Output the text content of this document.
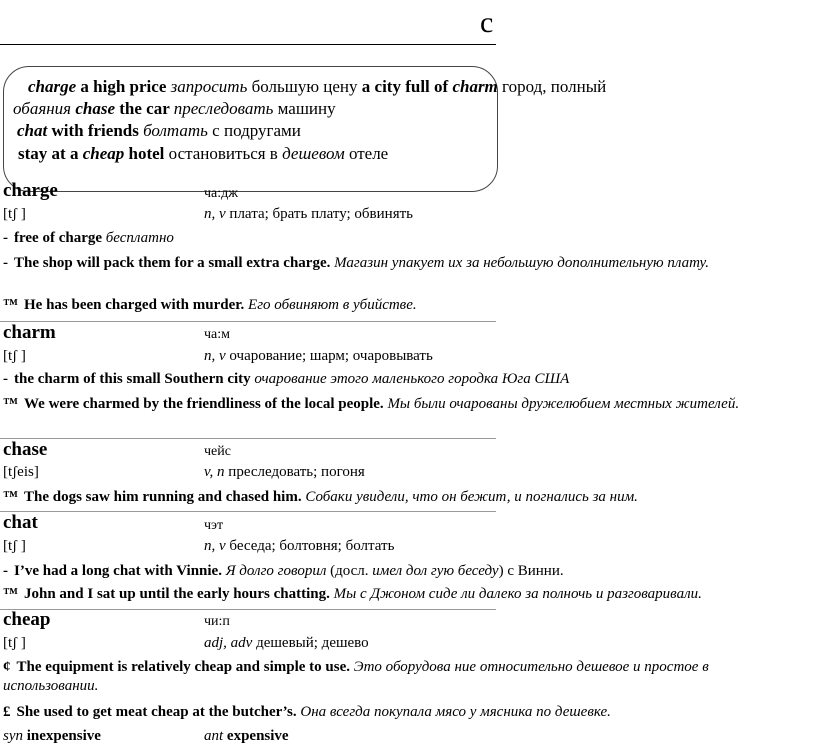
c
charge a high price запросить большую цену a city full of charm город, полный
обаяния chase the car преследовать машину
chat with friends болтать с подругами
stay at a cheap hotel остановиться в дешевом отеле
charge	ча:дж
[tʃ ]	n, v плата; брать плату; обвинять
‑ free of charge бесплатно
‑ The shop will pack them for a small extra charge. Магазин упакует их за небольшую дополнительную плату.
™ He has been charged with murder. Его обвиняют в убийстве.
charm	ча:м
[tʃ ]	n, v очарование; шарм; очаровывать
‑ the charm of this small Southern city очарование этого маленького городка Юга США
™ We were charmed by the friendliness of the local people. Мы были очарованы дружелюбием местных жителей.
chase	чейс
[tʃeis]	v, n преследовать; погоня
™ The dogs saw him running and chased him. Собаки увидели, что он бежит, и погнались за ним.
chat	чэт
[tʃ ]	n, v беседа; болтовня; болтать
‑ I’ve had a long chat with Vinnie. Я долго говорил (досл. имел дол гую беседу) с Винни.
™ John and I sat up until the early hours chatting. Мы с Джоном сиде ли далеко за полночь и разговаривали.
cheap	чи:п
[tʃ ]	adj, adv дешевый; дешево
¢ The equipment is relatively cheap and simple to use. Это оборудова ние относительно дешевое и простое в использовании.
£ She used to get meat cheap at the butcher’s. Она всегда покупала мясо у мясника по дешевке.
syn inexpensive	ant expensive
